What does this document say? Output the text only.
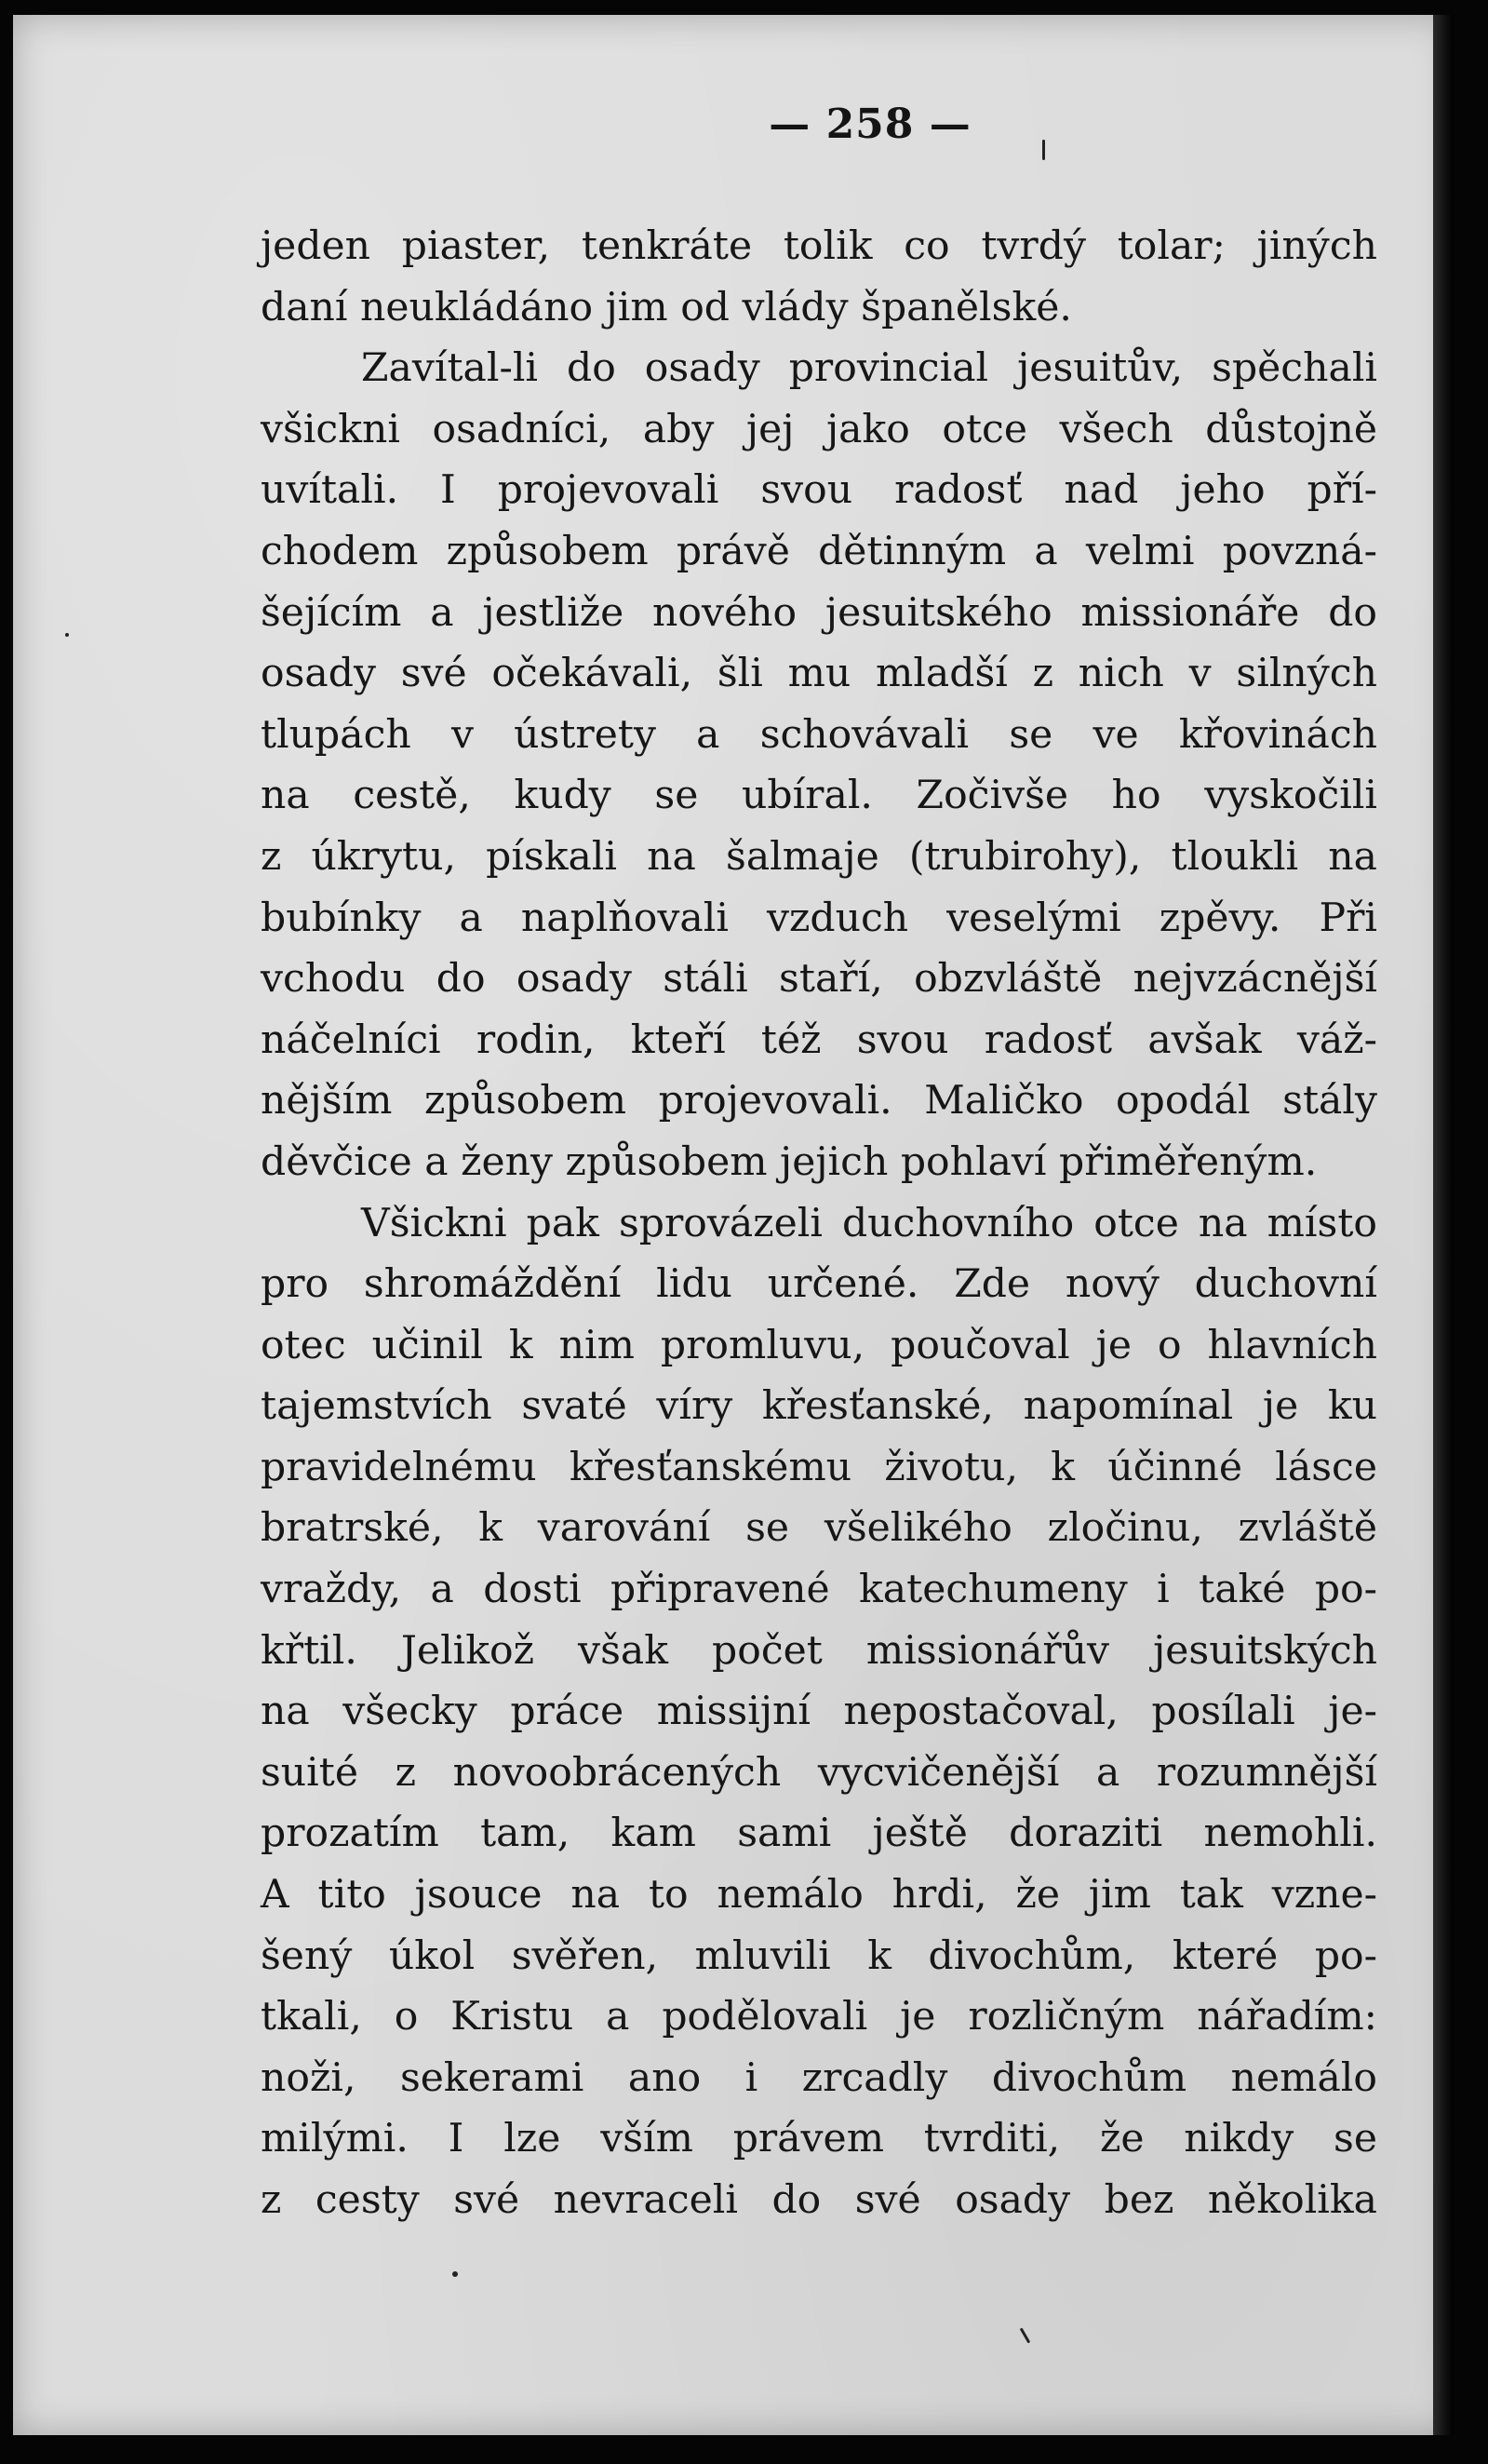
— 258 —
jeden piaster, tenkráte tolik co tvrdý tolar; jiných
daní neukládáno jim od vlády španělské.
Zavítal-li do osady provincial jesuitův, spěchali
všickni osadníci, aby jej jako otce všech důstojně
uvítali. I projevovali svou radosť nad jeho pří-
chodem způsobem právě dětinným a velmi povzná-
šejícím a jestliže nového jesuitského missionáře do
osady své očekávali, šli mu mladší z nich v silných
tlupách v ústrety a schovávali se ve křovinách
na cestě, kudy se ubíral. Zočivše ho vyskočili
z úkrytu, pískali na šalmaje (trubirohy), tloukli na
bubínky a naplňovali vzduch veselými zpěvy. Při
vchodu do osady stáli staří, obzvláště nejvzácnější
náčelníci rodin, kteří též svou radosť avšak váž-
nějším způsobem projevovali. Maličko opodál stály
děvčice a ženy způsobem jejich pohlaví přiměřeným.
Všickni pak sprovázeli duchovního otce na místo
pro shromáždění lidu určené. Zde nový duchovní
otec učinil k nim promluvu, poučoval je o hlavních
tajemstvích svaté víry křesťanské, napomínal je ku
pravidelnému křesťanskému životu, k účinné lásce
bratrské, k varování se všelikého zločinu, zvláště
vraždy, a dosti připravené katechumeny i také po-
křtil. Jelikož však počet missionářův jesuitských
na všecky práce missijní nepostačoval, posílali je-
suité z novoobrácených vycvičenější a rozumnější
prozatím tam, kam sami ještě doraziti nemohli.
A tito jsouce na to nemálo hrdi, že jim tak vzne-
šený úkol svěřen, mluvili k divochům, které po-
tkali, o Kristu a podělovali je rozličným nářadím:
noži, sekerami ano i zrcadly divochům nemálo
milými. I lze vším právem tvrditi, že nikdy se
z cesty své nevraceli do své osady bez několika
